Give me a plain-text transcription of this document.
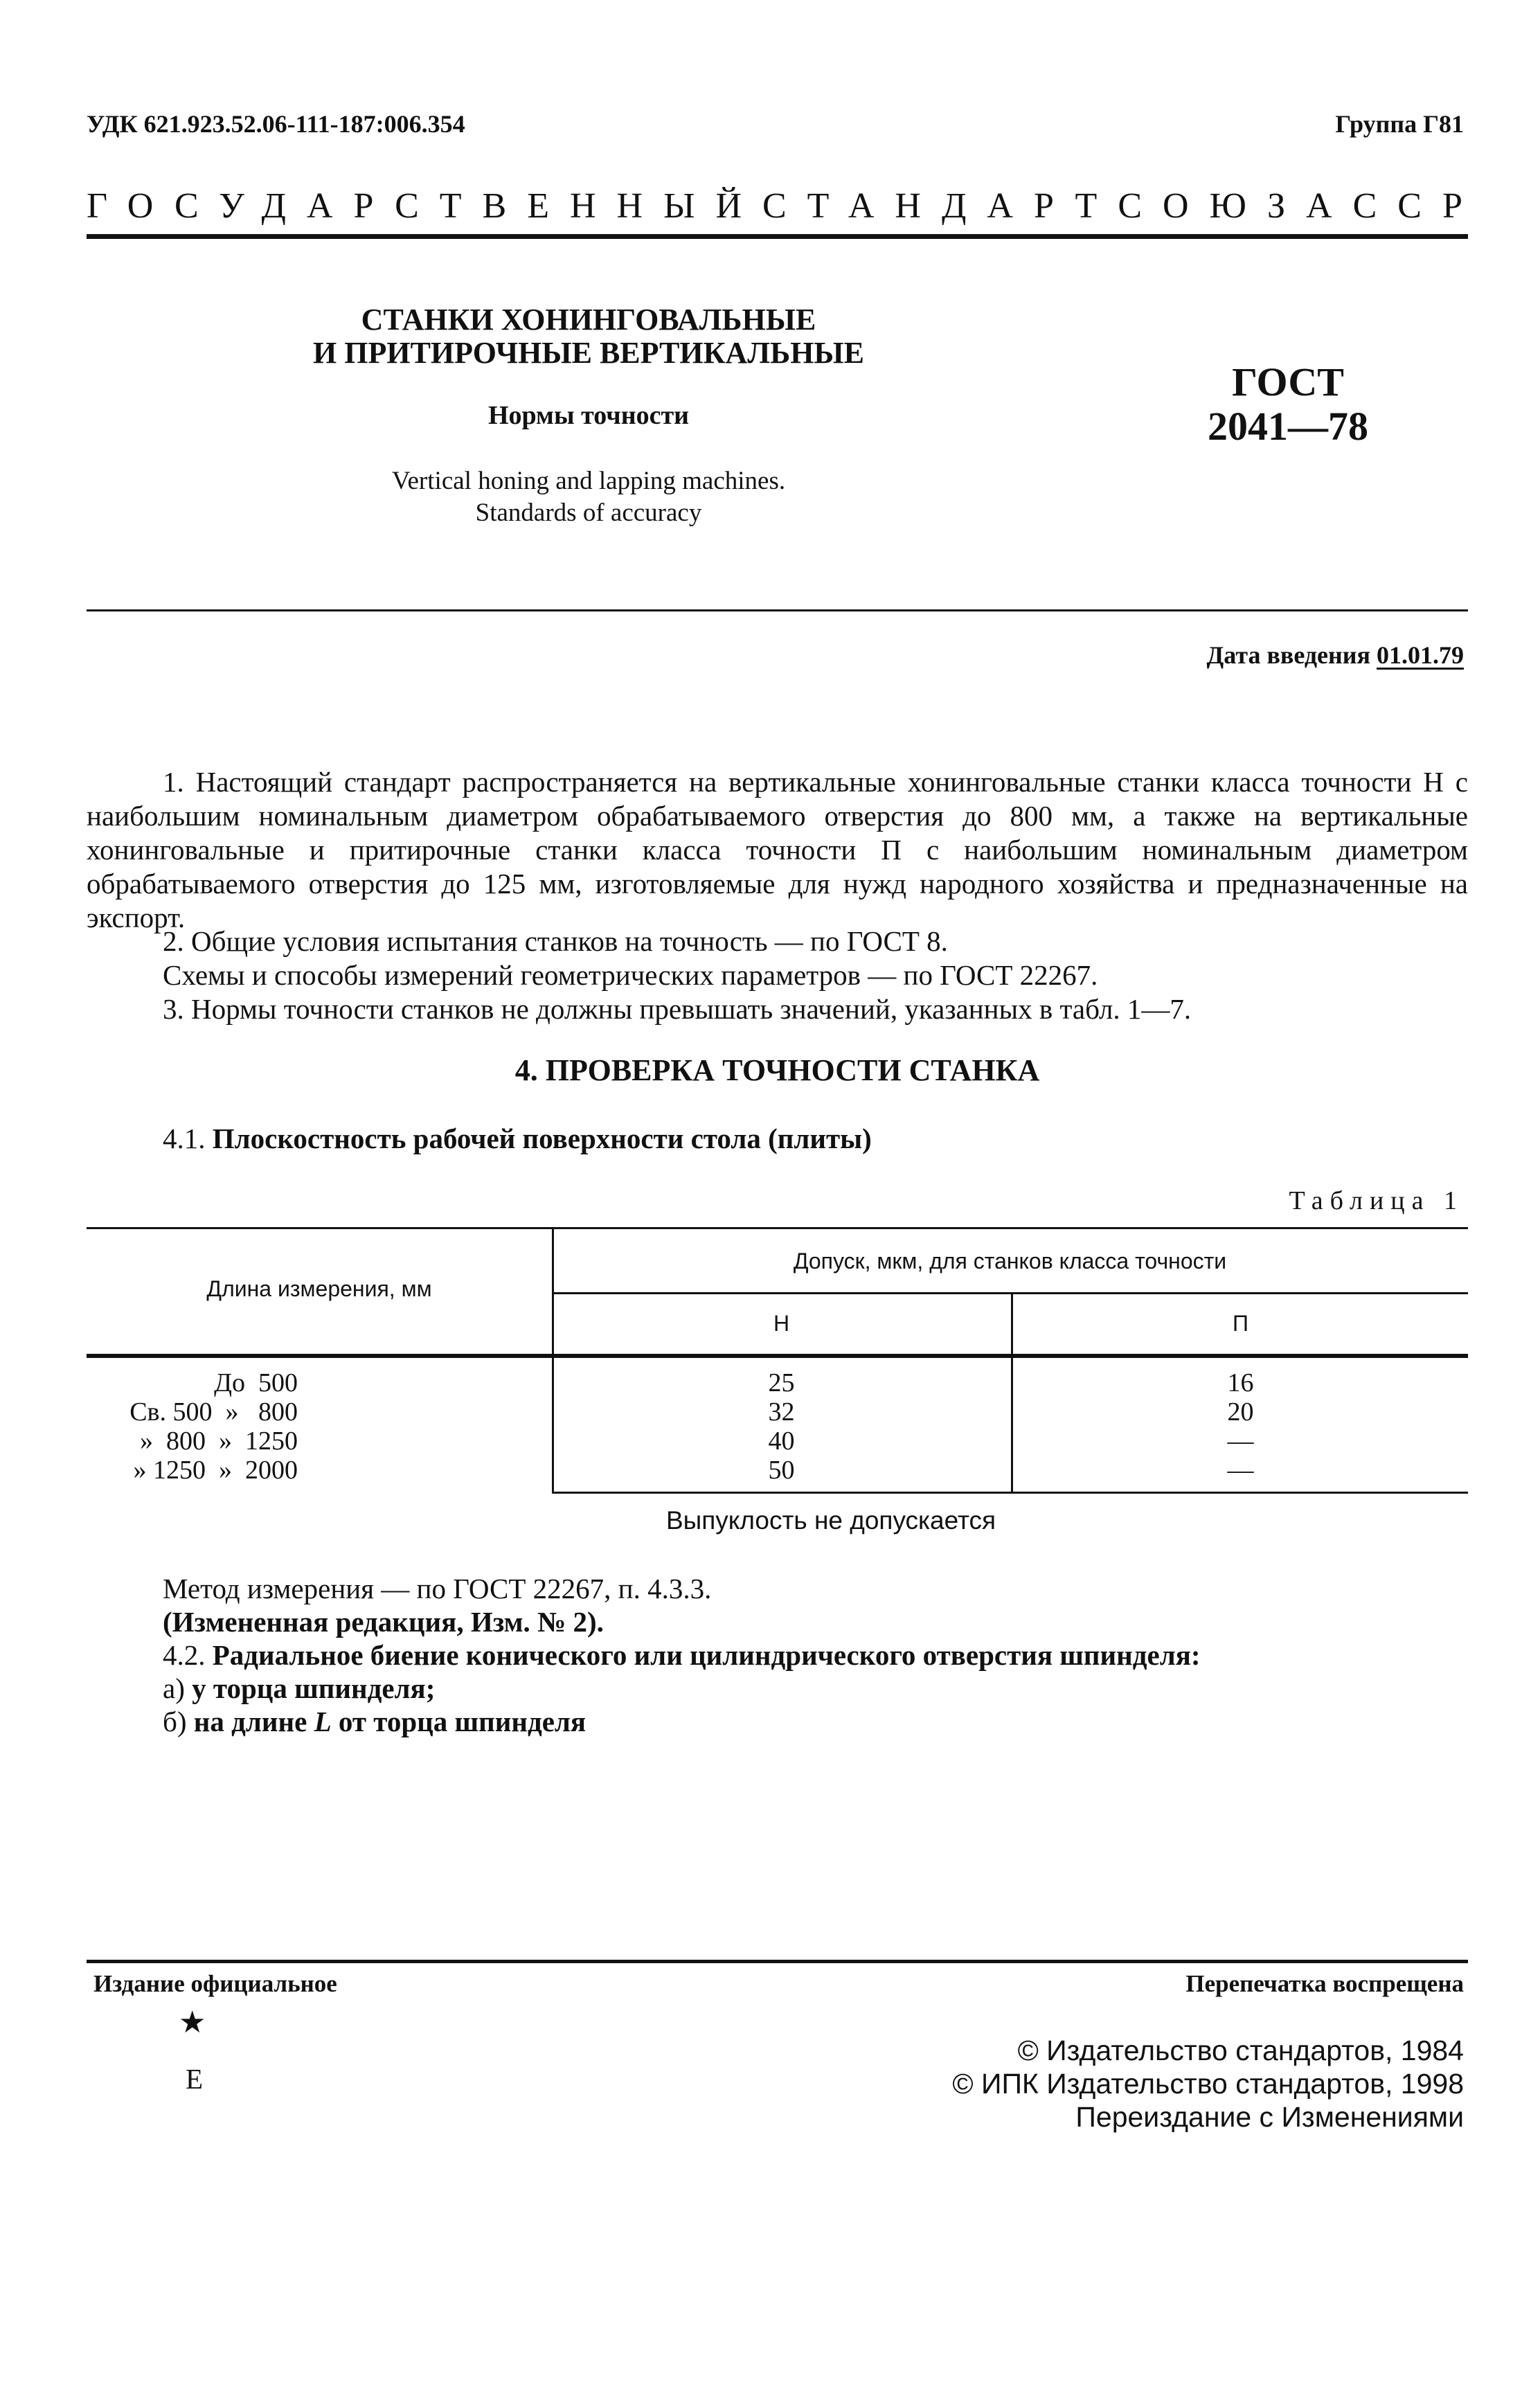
УДК 621.923.52.06-111-187:006.354	Группа Г81
ГОСУДАРСТВЕННЫЙ СТАНДАРТ СОЮЗА ССР
СТАНКИ ХОНИНГОВАЛЬНЫЕ
И ПРИТИРОЧНЫЕ ВЕРТИКАЛЬНЫЕ
Нормы точности
Vertical honing and lapping machines.
Standards of accuracy
ГОСТ
2041—78
Дата введения 01.01.79
1. Настоящий стандарт распространяется на вертикальные хонинговальные станки класса точности Н с наибольшим номинальным диаметром обрабатываемого отверстия до 800 мм, а также на вертикальные хонинговальные и притирочные станки класса точности П с наибольшим номинальным диаметром обрабатываемого отверстия до 125 мм, изготовляемые для нужд народного хозяйства и предназначенные на экспорт.
2. Общие условия испытания станков на точность — по ГОСТ 8.
Схемы и способы измерений геометрических параметров — по ГОСТ 22267.
3. Нормы точности станков не должны превышать значений, указанных в табл. 1—7.
4. ПРОВЕРКА ТОЧНОСТИ СТАНКА
4.1. Плоскостность рабочей поверхности стола (плиты)
Таблица 1
Длина измерения, мм
Допуск, мкм, для станков класса точности
Н	П
До  500	25	16
Св. 500  »   800	32	20
»  800  »  1250	40	—
» 1250  »  2000	50	—
Выпуклость не допускается
Метод измерения — по ГОСТ 22267, п. 4.3.3.
(Измененная редакция, Изм. № 2).
4.2. Радиальное биение конического или цилиндрического отверстия шпинделя:
а) у торца шпинделя;
б) на длине L от торца шпинделя
Издание официальное	Перепечатка воспрещена
★
Е
© Издательство стандартов, 1984
© ИПК Издательство стандартов, 1998
Переиздание с Изменениями
